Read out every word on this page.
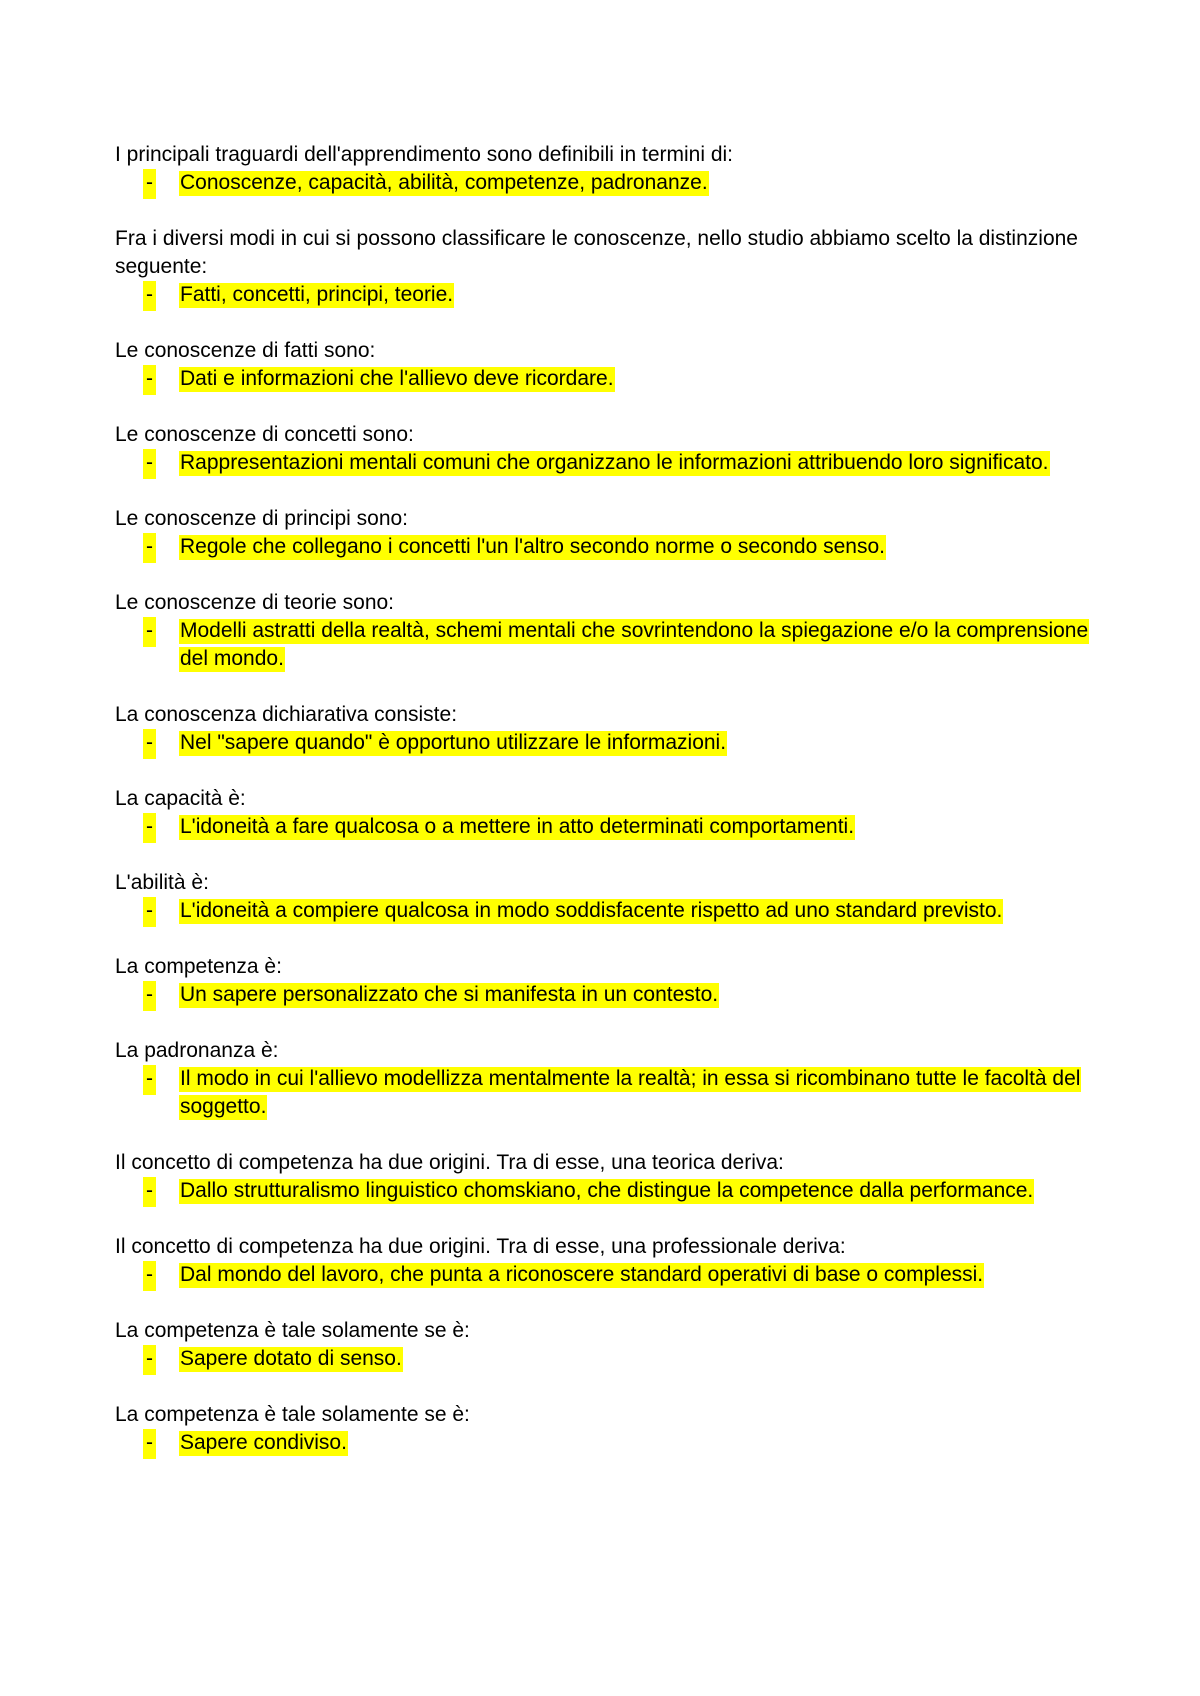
I principali traguardi dell'apprendimento sono definibili in termini di:

- Conoscenze, capacità, abilità, competenze, padronanze.

Fra i diversi modi in cui si possono classificare le conoscenze, nello studio abbiamo scelto la distinzione seguente:

- Fatti, concetti, principi, teorie.

Le conoscenze di fatti sono:

- Dati e informazioni che l'allievo deve ricordare.

Le conoscenze di concetti sono:

- Rappresentazioni mentali comuni che organizzano le informazioni attribuendo loro significato.

Le conoscenze di principi sono:

- Regole che collegano i concetti l'un l'altro secondo norme o secondo senso.

Le conoscenze di teorie sono:

- Modelli astratti della realtà, schemi mentali che sovrintendono la spiegazione e/o la comprensione del mondo.

La conoscenza dichiarativa consiste:

- Nel "sapere quando" è opportuno utilizzare le informazioni.

La capacità è:

- L'idoneità a fare qualcosa o a mettere in atto determinati comportamenti.

L'abilità è:

- L'idoneità a compiere qualcosa in modo soddisfacente rispetto ad uno standard previsto.

La competenza è:

- Un sapere personalizzato che si manifesta in un contesto.

La padronanza è:

- Il modo in cui l'allievo modellizza mentalmente la realtà; in essa si ricombinano tutte le facoltà del soggetto.

Il concetto di competenza ha due origini. Tra di esse, una teorica deriva:

- Dallo strutturalismo linguistico chomskiano, che distingue la competence dalla performance.

Il concetto di competenza ha due origini. Tra di esse, una professionale deriva:

- Dal mondo del lavoro, che punta a riconoscere standard operativi di base o complessi.

La competenza è tale solamente se è:

- Sapere dotato di senso.

La competenza è tale solamente se è:

- Sapere condiviso.
